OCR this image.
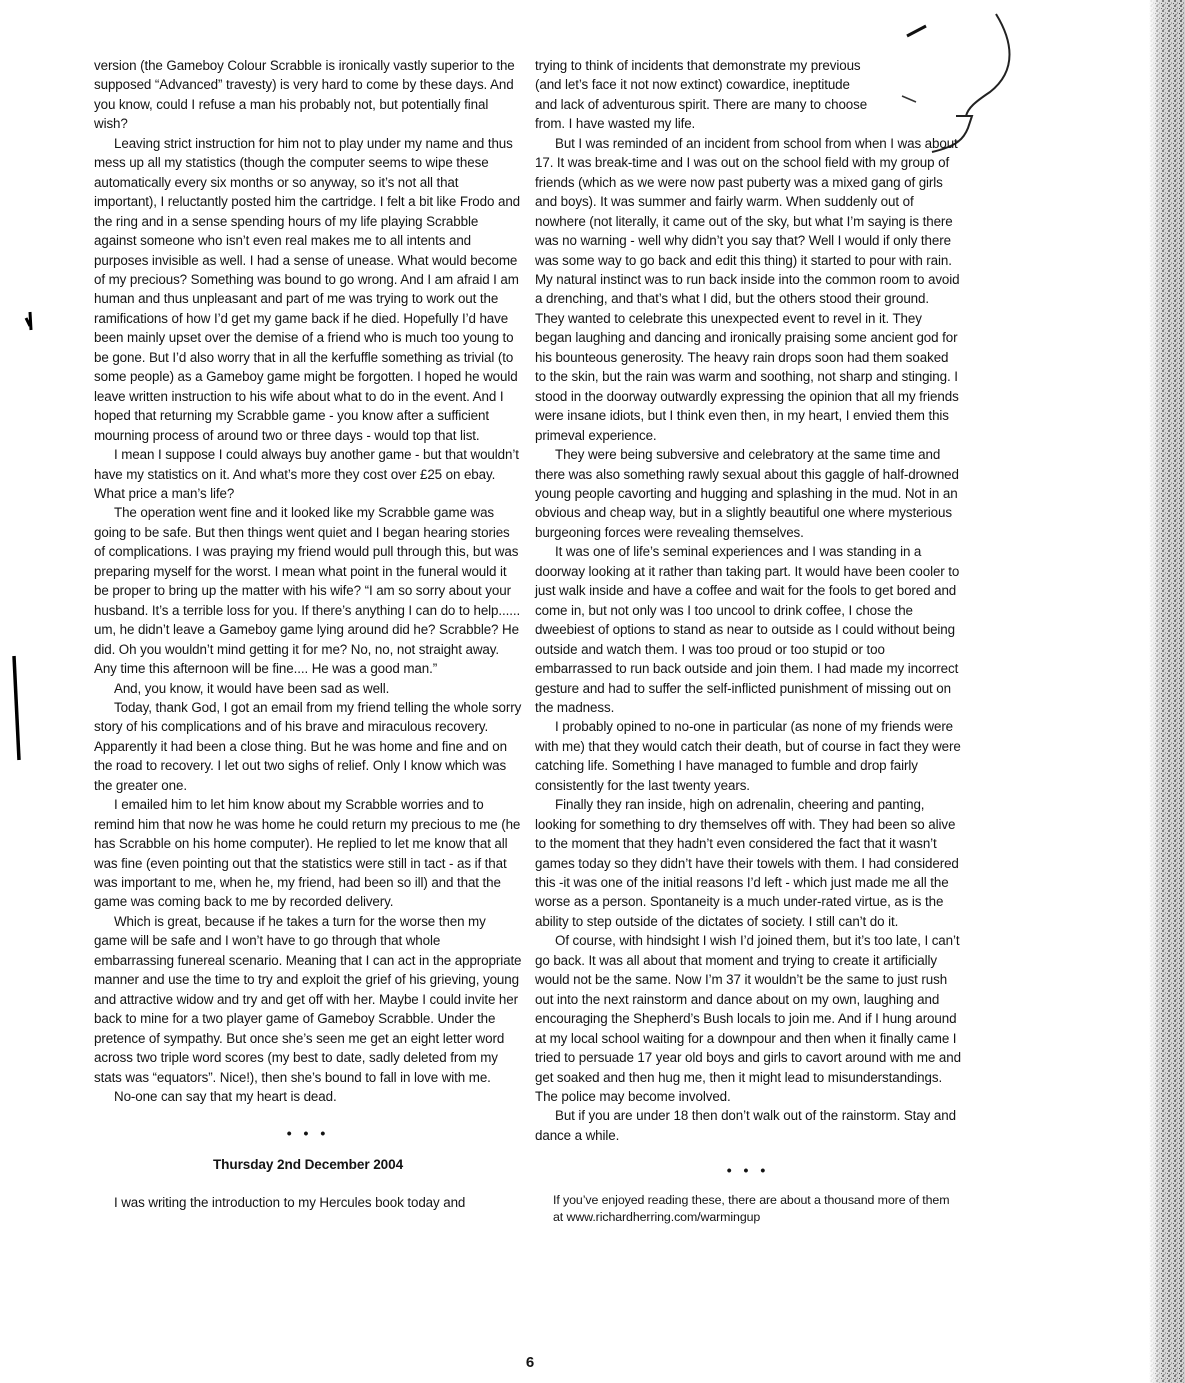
version (the Gameboy Colour Scrabble is ironically vastly superior to the supposed “Advanced” travesty) is very hard to come by these days. And you know, could I refuse a man his probably not, but potentially final wish?

Leaving strict instruction for him not to play under my name and thus mess up all my statistics (though the computer seems to wipe these automatically every six months or so anyway, so it’s not all that important), I reluctantly posted him the cartridge. I felt a bit like Frodo and the ring and in a sense spending hours of my life playing Scrabble against someone who isn’t even real makes me to all intents and purposes invisible as well. I had a sense of unease. What would become of my precious? Something was bound to go wrong. And I am afraid I am human and thus unpleasant and part of me was trying to work out the ramifications of how I’d get my game back if he died. Hopefully I’d have been mainly upset over the demise of a friend who is much too young to be gone. But I’d also worry that in all the kerfuffle something as trivial (to some people) as a Gameboy game might be forgotten. I hoped he would leave written instruction to his wife about what to do in the event. And I hoped that returning my Scrabble game - you know after a sufficient mourning process of around two or three days - would top that list.

I mean I suppose I could always buy another game - but that wouldn’t have my statistics on it. And what’s more they cost over £25 on ebay. What price a man’s life?

The operation went fine and it looked like my Scrabble game was going to be safe. But then things went quiet and I began hearing stories of complications. I was praying my friend would pull through this, but was preparing myself for the worst. I mean what point in the funeral would it be proper to bring up the matter with his wife? “I am so sorry about your husband. It’s a terrible loss for you. If there’s anything I can do to help...... um, he didn’t leave a Gameboy game lying around did he? Scrabble? He did. Oh you wouldn’t mind getting it for me? No, no, not straight away. Any time this afternoon will be fine.... He was a good man.”

And, you know, it would have been sad as well.

Today, thank God, I got an email from my friend telling the whole sorry story of his complications and of his brave and miraculous recovery. Apparently it had been a close thing. But he was home and fine and on the road to recovery. I let out two sighs of relief. Only I know which was the greater one.

I emailed him to let him know about my Scrabble worries and to remind him that now he was home he could return my precious to me (he has Scrabble on his home computer). He replied to let me know that all was fine (even pointing out that the statistics were still in tact - as if that was important to me, when he, my friend, had been so ill) and that the game was coming back to me by recorded delivery.

Which is great, because if he takes a turn for the worse then my game will be safe and I won’t have to go through that whole embarrassing funereal scenario. Meaning that I can act in the appropriate manner and use the time to try and exploit the grief of his grieving, young and attractive widow and try and get off with her. Maybe I could invite her back to mine for a two player game of Gameboy Scrabble. Under the pretence of sympathy. But once she’s seen me get an eight letter word across two triple word scores (my best to date, sadly deleted from my stats was “equators”. Nice!), then she’s bound to fall in love with me.

No-one can say that my heart is dead.

• • •
Thursday 2nd December 2004

I was writing the introduction to my Hercules book today and

trying to think of incidents that demonstrate my previous (and let’s face it not now extinct) cowardice, ineptitude and lack of adventurous spirit. There are many to choose from. I have wasted my life.

But I was reminded of an incident from school from when I was about 17. It was break-time and I was out on the school field with my group of friends (which as we were now past puberty was a mixed gang of girls and boys). It was summer and fairly warm. When suddenly out of nowhere (not literally, it came out of the sky, but what I’m saying is there was no warning - well why didn’t you say that? Well I would if only there was some way to go back and edit this thing) it started to pour with rain. My natural instinct was to run back inside into the common room to avoid a drenching, and that’s what I did, but the others stood their ground. They wanted to celebrate this unexpected event to revel in it. They began laughing and dancing and ironically praising some ancient god for his bounteous generosity. The heavy rain drops soon had them soaked to the skin, but the rain was warm and soothing, not sharp and stinging. I stood in the doorway outwardly expressing the opinion that all my friends were insane idiots, but I think even then, in my heart, I envied them this primeval experience.

They were being subversive and celebratory at the same time and there was also something rawly sexual about this gaggle of half-drowned young people cavorting and hugging and splashing in the mud. Not in an obvious and cheap way, but in a slightly beautiful one where mysterious burgeoning forces were revealing themselves.

It was one of life’s seminal experiences and I was standing in a doorway looking at it rather than taking part. It would have been cooler to just walk inside and have a coffee and wait for the fools to get bored and come in, but not only was I too uncool to drink coffee, I chose the dweebiest of options to stand as near to outside as I could without being outside and watch them. I was too proud or too stupid or too embarrassed to run back outside and join them. I had made my incorrect gesture and had to suffer the self-inflicted punishment of missing out on the madness.

I probably opined to no-one in particular (as none of my friends were with me) that they would catch their death, but of course in fact they were catching life. Something I have managed to fumble and drop fairly consistently for the last twenty years.

Finally they ran inside, high on adrenalin, cheering and panting, looking for something to dry themselves off with. They had been so alive to the moment that they hadn’t even considered the fact that it wasn’t games today so they didn’t have their towels with them. I had considered this -it was one of the initial reasons I’d left - which just made me all the worse as a person. Spontaneity is a much under-rated virtue, as is the ability to step outside of the dictates of society. I still can’t do it.

Of course, with hindsight I wish I’d joined them, but it’s too late, I can’t go back. It was all about that moment and trying to create it artificially would not be the same. Now I’m 37 it wouldn’t be the same to just rush out into the next rainstorm and dance about on my own, laughing and encouraging the Shepherd’s Bush locals to join me. And if I hung around at my local school waiting for a downpour and then when it finally came I tried to persuade 17 year old boys and girls to cavort around with me and get soaked and then hug me, then it might lead to misunderstandings. The police may become involved.

But if you are under 18 then don’t walk out of the rainstorm. Stay and dance a while.

• • •

If you’ve enjoyed reading these, there are about a thousand more of them at www.richardherring.com/warmingup

6
